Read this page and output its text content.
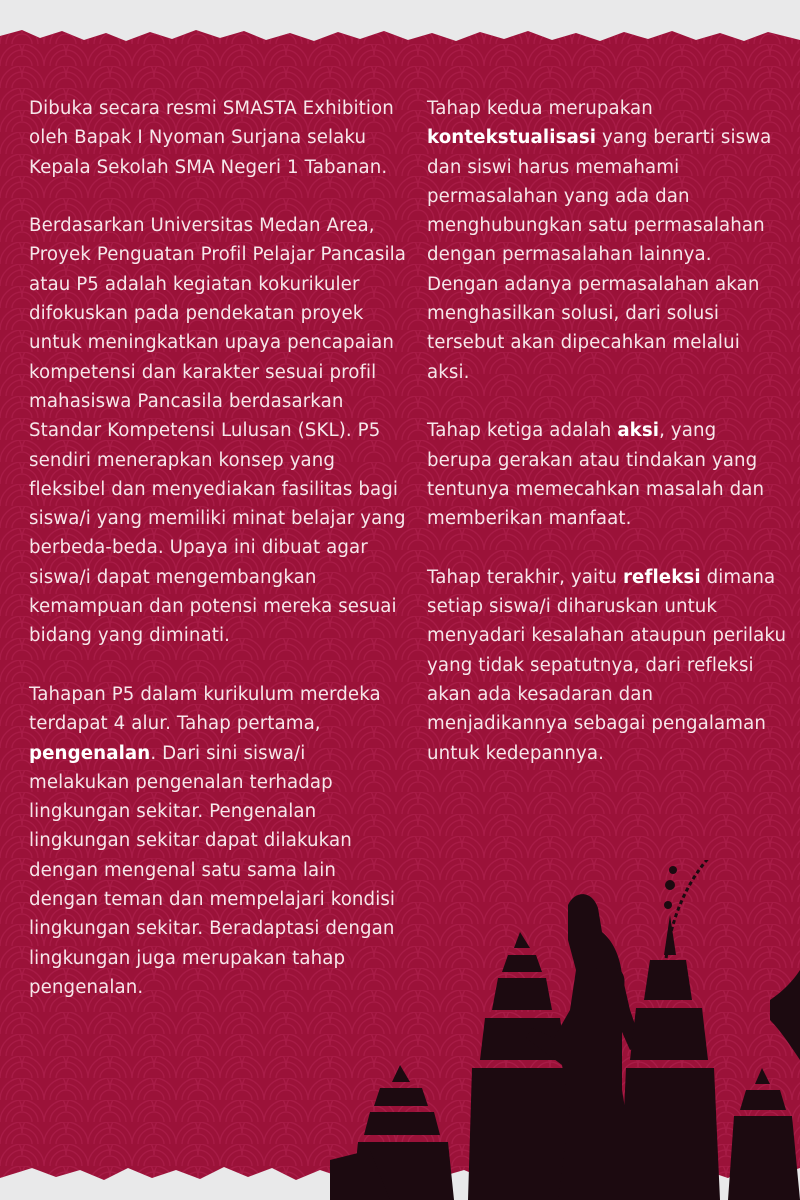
Dibuka secara resmi SMASTA Exhibition oleh Bapak I Nyoman Surjana selaku Kepala Sekolah SMA Negeri 1 Tabanan.

Berdasarkan Universitas Medan Area, Proyek Penguatan Profil Pelajar Pancasila atau P5 adalah kegiatan kokurikuler difokuskan pada pendekatan proyek untuk meningkatkan upaya pencapaian kompetensi dan karakter sesuai profil mahasiswa Pancasila berdasarkan Standar Kompetensi Lulusan (SKL). P5 sendiri menerapkan konsep yang fleksibel dan menyediakan fasilitas bagi siswa/i yang memiliki minat belajar yang berbeda-beda. Upaya ini dibuat agar siswa/i dapat mengembangkan kemampuan dan potensi mereka sesuai bidang yang diminati.

Tahapan P5 dalam kurikulum merdeka terdapat 4 alur. Tahap pertama, pengenalan. Dari sini siswa/i melakukan pengenalan terhadap lingkungan sekitar. Pengenalan lingkungan sekitar dapat dilakukan dengan mengenal satu sama lain dengan teman dan mempelajari kondisi lingkungan sekitar. Beradaptasi dengan lingkungan juga merupakan tahap pengenalan.

Tahap kedua merupakan kontekstualisasi yang berarti siswa dan siswi harus memahami permasalahan yang ada dan menghubungkan satu permasalahan dengan permasalahan lainnya. Dengan adanya permasalahan akan menghasilkan solusi, dari solusi tersebut akan dipecahkan melalui aksi.

Tahap ketiga adalah aksi, yang berupa gerakan atau tindakan yang tentunya memecahkan masalah dan memberikan manfaat.

Tahap terakhir, yaitu refleksi dimana setiap siswa/i diharuskan untuk menyadari kesalahan ataupun perilaku yang tidak sepatutnya, dari refleksi akan ada kesadaran dan menjadikannya sebagai pengalaman untuk kedepannya.
